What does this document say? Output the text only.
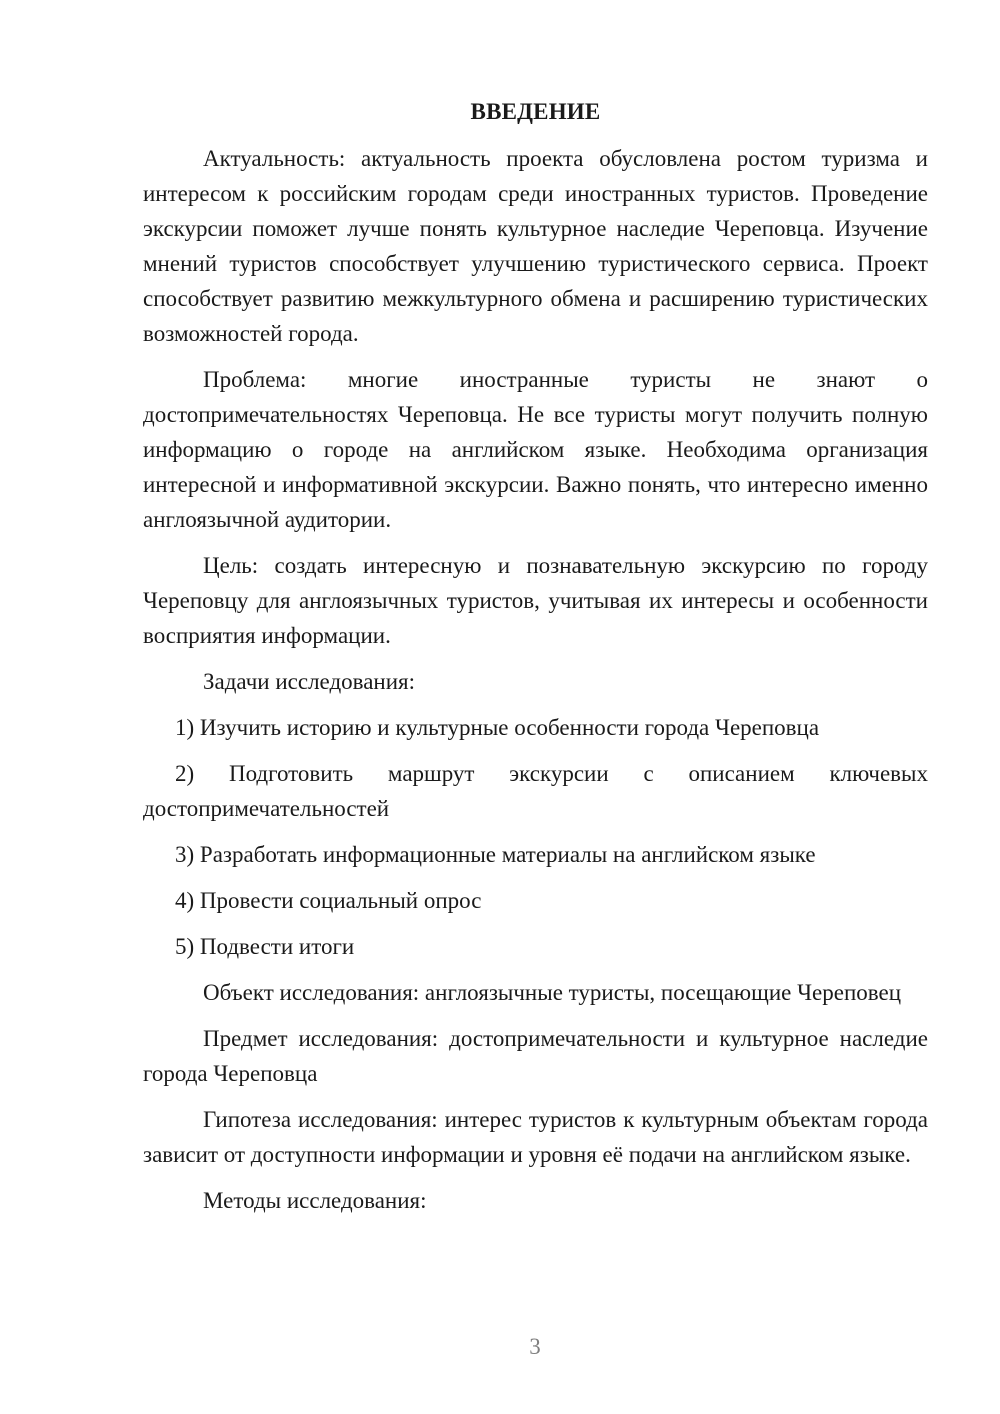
ВВЕДЕНИЕ

Актуальность: актуальность проекта обусловлена ростом туризма и интересом к российским городам среди иностранных туристов. Проведение экскурсии поможет лучше понять культурное наследие Череповца. Изучение мнений туристов способствует улучшению туристического сервиса. Проект способствует развитию межкультурного обмена и расширению туристических возможностей города.

Проблема: многие иностранные туристы не знают о достопримечательностях Череповца. Не все туристы могут получить полную информацию о городе на английском языке. Необходима организация интересной и информативной экскурсии. Важно понять, что интересно именно англоязычной аудитории.

Цель: создать интересную и познавательную экскурсию по городу Череповцу для англоязычных туристов, учитывая их интересы и особенности восприятия информации.

Задачи исследования:

1) Изучить историю и культурные особенности города Череповца

2) Подготовить маршрут экскурсии с описанием ключевых достопримечательностей

3) Разработать информационные материалы на английском языке

4) Провести социальный опрос

5) Подвести итоги

Объект исследования: англоязычные туристы, посещающие Череповец

Предмет исследования: достопримечательности и культурное наследие города Череповца

Гипотеза исследования: интерес туристов к культурным объектам города зависит от доступности информации и уровня её подачи на английском языке.

Методы исследования:

3
